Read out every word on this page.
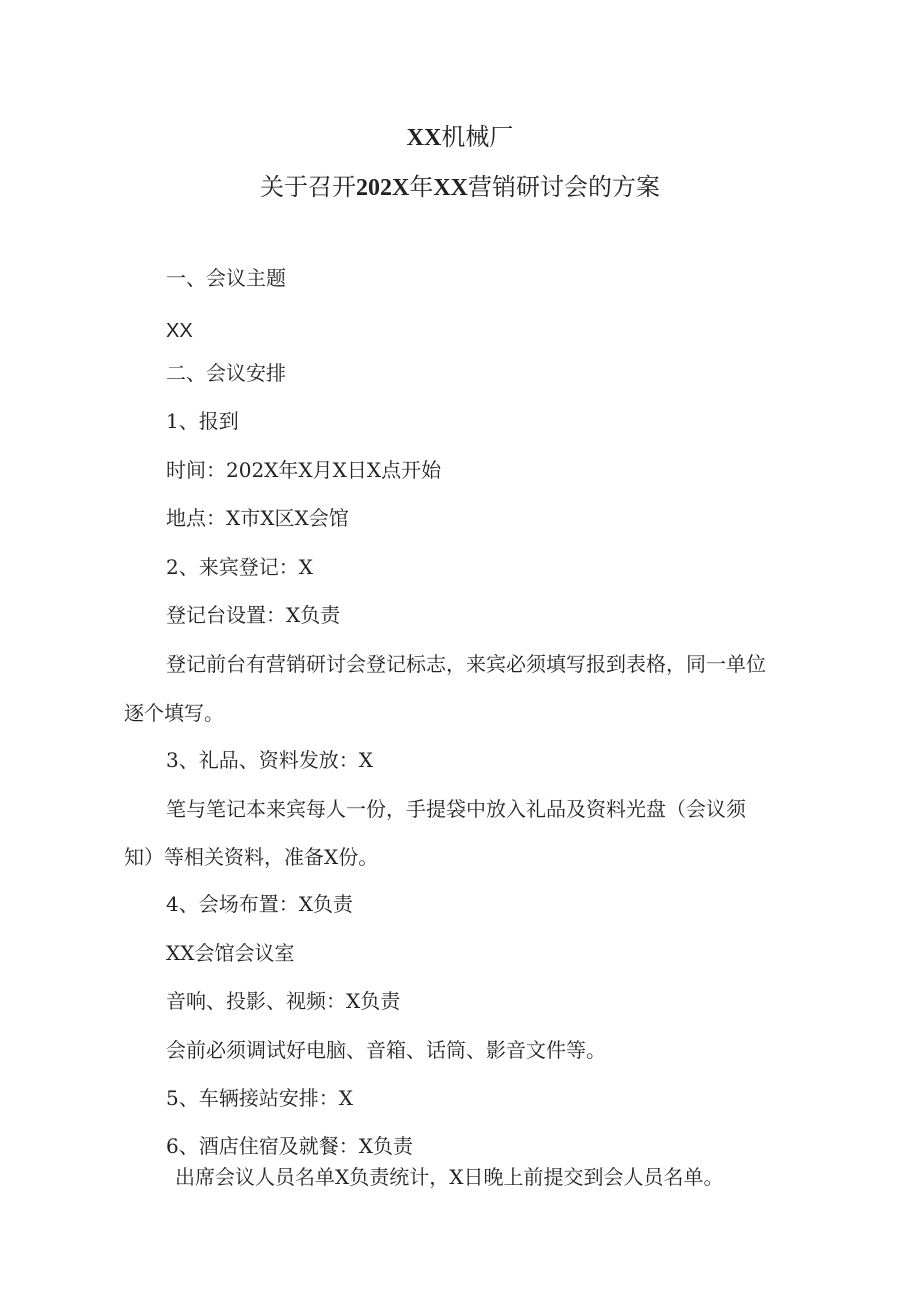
XX机械厂
关于召开202X年XX营销研讨会的方案
一、会议主题
XX
二、会议安排
1、报到
时间：202X年X月X日X点开始
地点：X市X区X会馆
2、来宾登记：X
登记台设置：X负责
登记前台有营销研讨会登记标志，来宾必须填写报到表格，同一单位
逐个填写。
3、礼品、资料发放：X
笔与笔记本来宾每人一份，手提袋中放入礼品及资料光盘（会议须
知）等相关资料，准备X份。
4、会场布置：X负责
XX会馆会议室
音响、投影、视频：X负责
会前必须调试好电脑、音箱、话筒、影音文件等。
5、车辆接站安排：X
6、酒店住宿及就餐：X负责
出席会议人员名单X负责统计，X日晚上前提交到会人员名单。
